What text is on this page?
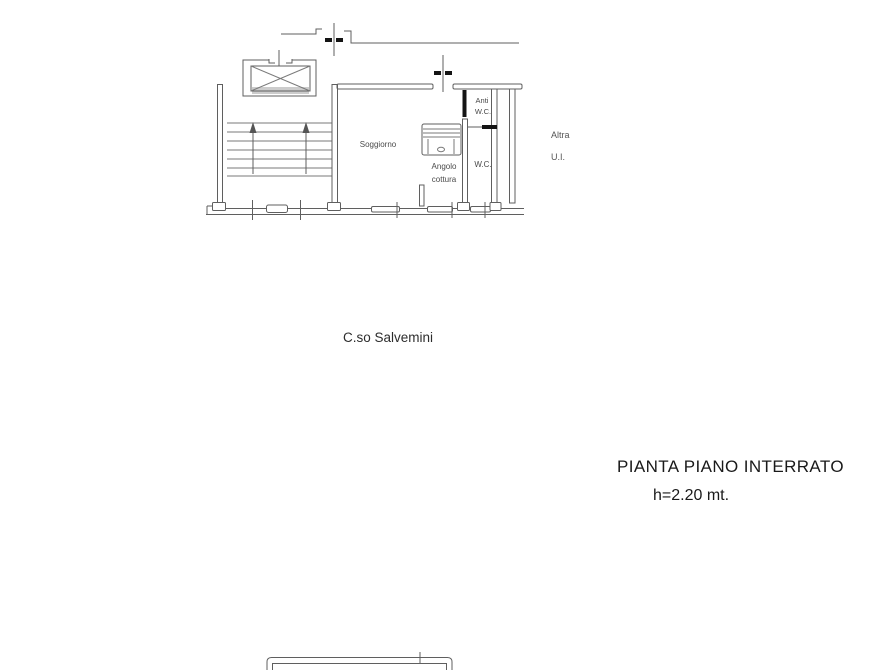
Soggiorno
Angolo
cottura
Anti
W.C.
W.C.
Altra
U.I.
C.so Salvemini
PIANTA PIANO INTERRATO
h=2.20 mt.
